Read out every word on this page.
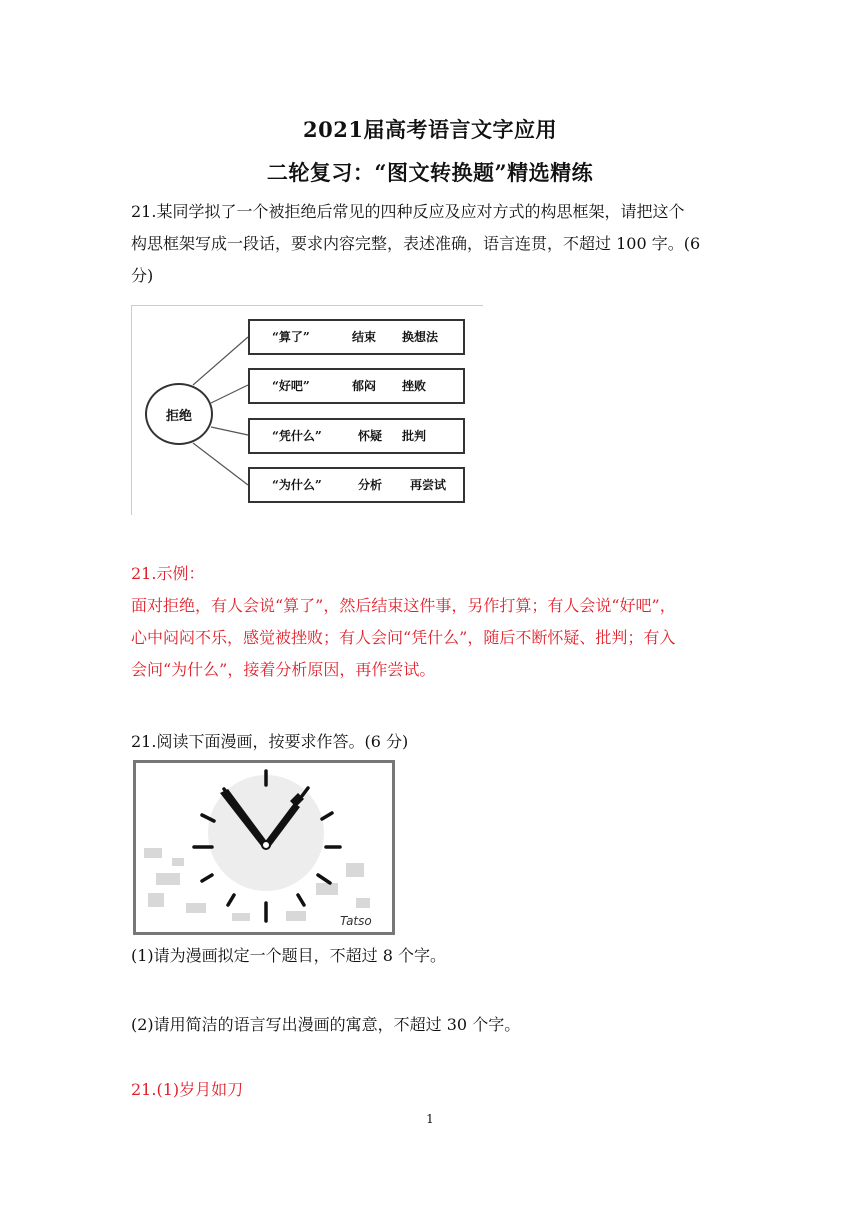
2021届高考语言文字应用
二轮复习：“图文转换题”精选精练
21.某同学拟了一个被拒绝后常见的四种反应及应对方式的构思框架，请把这个
构思框架写成一段话，要求内容完整，表述准确，语言连贯，不超过 100 字。(6
分)
拒绝
“算了”	结束 换想法
“好吧”	郁闷 挫败
“凭什么”	怀疑 批判
“为什么”	分析 再尝试
21.示例：
面对拒绝，有人会说“算了”，然后结束这件事，另作打算；有人会说“好吧”，
心中闷闷不乐，感觉被挫败；有人会问“凭什么”，随后不断怀疑、批判；有入
会问“为什么”，接着分析原因，再作尝试。
21.阅读下面漫画，按要求作答。(6 分)
Tatso
(1)请为漫画拟定一个题目，不超过 8 个字。
(2)请用简洁的语言写出漫画的寓意，不超过 30 个字。
21.(1)岁月如刀
1
